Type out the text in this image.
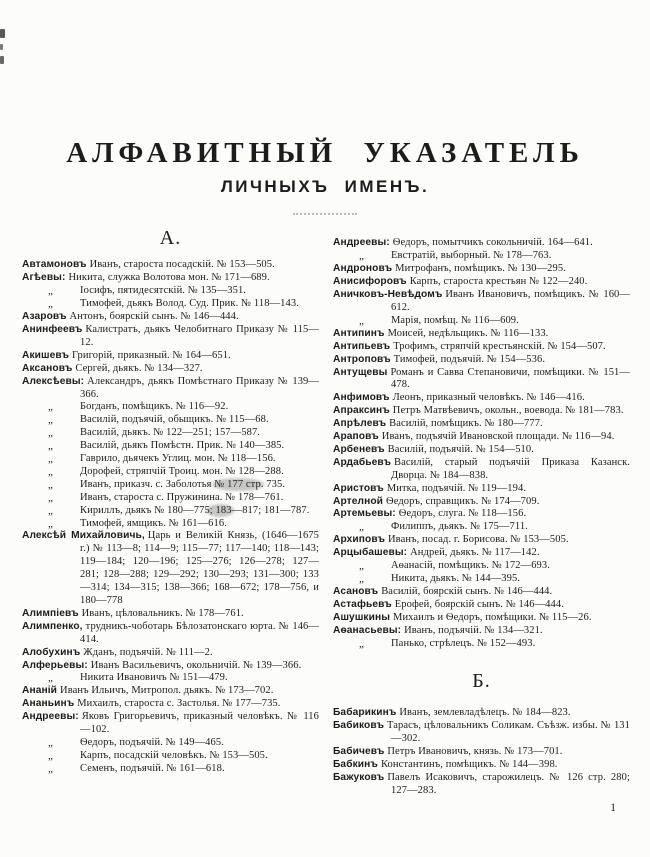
АЛФАВИТНЫЙ УКАЗАТЕЛЬ
ЛИЧНЫХЪ ИМЕНЪ.
А.
Автамоновъ Иванъ, староста посадскій. № 153—505.
Агѣевы: Никита, служка Волотова мон. № 171—689.
„	Іосифъ, пятидесятскій. № 135—351.
„	Тимофей, дьякъ Волод. Суд. Прик. № 118—143.
Азаровъ Антонъ, боярскій сынъ. № 146—444.
Анинфеевъ Калистратъ, дьякъ Челобитнаго Приказу № 115—12.
Акишевъ Григорій, приказный. № 164—651.
Аксановъ Сергей, дьякъ. № 134—327.
Алексѣевы: Александръ, дьякъ Помѣстнаго Приказу № 139—366.
„	Богданъ, помѣщикъ. № 116—92.
„	Василій, подъячій, обыщикъ. № 115—68.
„	Василій, дьякъ. № 122—251; 157—587.
„	Василій, дьякъ Помѣстн. Прик. № 140—385.
„	Гаврило, дьячекъ Углиц. мон. № 118—156.
„	Дорофей, стряпчій Троиц. мон. № 128—288.
„	Иванъ, приказч. с. Заболотья № 177 стр. 735.
„	Иванъ, староста с. Пружинина. № 178—761.
„	Кириллъ, дьякъ № 180—775; 183—817; 181—787.
„	Тимофей, ямщикъ. № 161—616.
Алексѣй Михайловичь, Царь и Великій Князь, (1646—1675 г.) № 113—8; 114—9; 115—77; 117—140; 118—143; 119—184; 120—196; 125—276; 126—278; 127—281; 128—288; 129—292; 130—293; 131—300; 133—314; 134—315; 138—366; 168—672; 178—756, и 180—778
Алимпіевъ Иванъ, цѣловальникъ. № 178—761.
Алимпенко, трудникъ-чоботарь Бѣлозатонскаго юрта. № 146—414.
Алобухинъ Жданъ, подъячій. № 111—2.
Алферьевы: Иванъ Васильевичъ, окольничій. № 139—366.
„	Никита Ивановичъ № 151—479.
Ананій Иванъ Ильичъ, Митропол. дьякъ. № 173—702.
Ананьинъ Михаилъ, староста с. Застолья. № 177—735.
Андреевы: Яковъ Григорьевичъ, приказный человѣкъ. № 116—102.
„	Ѳедоръ, подъячій. № 149—465.
„	Карпъ, посадскій человѣкъ. № 153—505.
„	Семенъ, подъячій. № 161—618.
Андреевы: Ѳедоръ, помытчикъ сокольничій. 164—641.
„	Евстратій, выборный. № 178—763.
Андроновъ Митрофанъ, помѣщикъ. № 130—295.
Анисифоровъ Карпъ, староста крестьян № 122—240.
Аничковъ-Невѣдомъ Иванъ Ивановичъ, помѣщикъ. № 160—612.
„	Марія, помѣщ. № 116—609.
Антипинъ Моисей, недѣльщикъ. № 116—133.
Антипьевъ Трофимъ, стряпчій крестьянскій. № 154—507.
Антроповъ Тимофей, подъячій. № 154—536.
Антущевы Романъ и Савва Степановичи, помѣщики. № 151—478.
Анфимовъ Леонъ, приказный человѣкъ. № 146—416.
Апраксинъ Петръ Матвѣевичъ, окольн., воевода. № 181—783.
Апрѣлевъ Василій, помѣщикъ. № 180—777.
Араповъ Иванъ, подъячій Ивановской площади. № 116—94.
Арбеневъ Василій, подъячій. № 154—510.
Ардабьевъ Василій, старый подъячій Приказа Казанск. Дворца. № 184—838.
Аристовъ Митка, подъячій. № 119—194.
Артелной Ѳедоръ, справщикъ. № 174—709.
Артемьевы: Ѳедоръ, слуга. № 118—156.
„	Филиппъ, дьякъ. № 175—711.
Архиповъ Иванъ, посад. г. Борисова. № 153—505.
Арцыбашевы: Андрей, дьякъ. № 117—142.
„	Аѳанасій, помѣщикъ. № 172—693.
„	Никита, дьякъ. № 144—395.
Асановъ Василій, боярскій сынъ. № 146—444.
Астафьевъ Ерофей, боярскій сынъ. № 146—444.
Ашушкины Михаилъ и Ѳедоръ, помѣщики. № 115—26.
Аѳанасьевы: Иванъ, подъячій. № 134—321.
„	Панько, стрѣлецъ. № 152—493.
Б.
Бабарикинъ Иванъ, землевладѣлецъ. № 184—823.
Бабиковъ Тарасъ, цѣловальникъ Соликам. Съѣзж. избы. № 131—302.
Бабичевъ Петръ Ивановичъ, князь. № 173—701.
Бабкинъ Константинъ, помѣщикъ. № 144—398.
Бажуковъ Павелъ Исаковичъ, старожилецъ. № 126 стр. 280; 127—283.
1
